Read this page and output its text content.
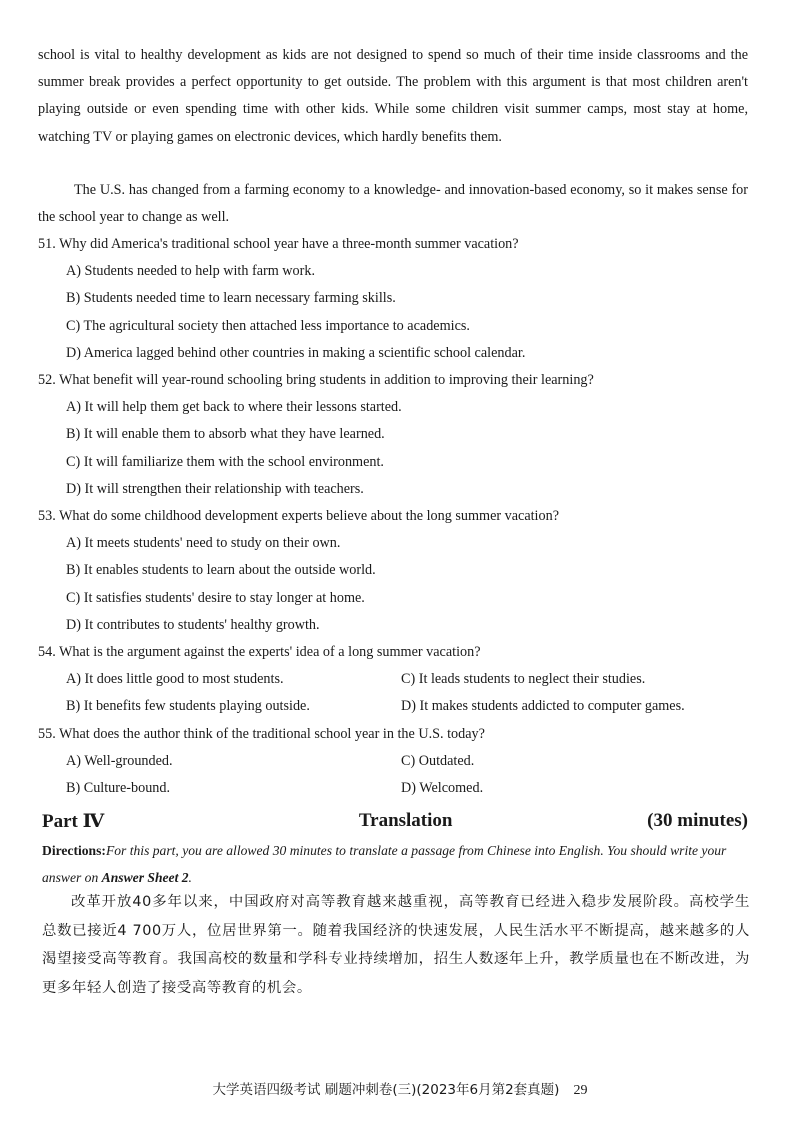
school is vital to healthy development as kids are not designed to spend so much of their time inside classrooms and the summer break provides a perfect opportunity to get outside. The problem with this argument is that most children aren't playing outside or even spending time with other kids. While some children visit summer camps, most stay at home, watching TV or playing games on electronic devices, which hardly benefits them.

The U.S. has changed from a farming economy to a knowledge- and innovation-based economy, so it makes sense for the school year to change as well.

51. Why did America's traditional school year have a three-month summer vacation?
A) Students needed to help with farm work.
B) Students needed time to learn necessary farming skills.
C) The agricultural society then attached less importance to academics.
D) America lagged behind other countries in making a scientific school calendar.
52. What benefit will year-round schooling bring students in addition to improving their learning?
A) It will help them get back to where their lessons started.
B) It will enable them to absorb what they have learned.
C) It will familiarize them with the school environment.
D) It will strengthen their relationship with teachers.
53. What do some childhood development experts believe about the long summer vacation?
A) It meets students' need to study on their own.
B) It enables students to learn about the outside world.
C) It satisfies students' desire to stay longer at home.
D) It contributes to students' healthy growth.
54. What is the argument against the experts' idea of a long summer vacation?
A) It does little good to most students.	C) It leads students to neglect their studies.
B) It benefits few students playing outside.	D) It makes students addicted to computer games.
55. What does the author think of the traditional school year in the U.S. today?
A) Well-grounded.	C) Outdated.
B) Culture-bound.	D) Welcomed.
Part Ⅳ	Translation	(30 minutes)
Directions:For this part, you are allowed 30 minutes to translate a passage from Chinese into English. You should write your answer on Answer Sheet 2.

改革开放40多年以来，中国政府对高等教育越来越重视，高等教育已经进入稳步发展阶段。高校学生总数已接近4 700万人，位居世界第一。随着我国经济的快速发展，人民生活水平不断提高，越来越多的人渴望接受高等教育。我国高校的数量和学科专业持续增加，招生人数逐年上升，教学质量也在不断改进，为更多年轻人创造了接受高等教育的机会。

大学英语四级考试 刷题冲刺卷(三)(2023年6月第2套真题) 29
